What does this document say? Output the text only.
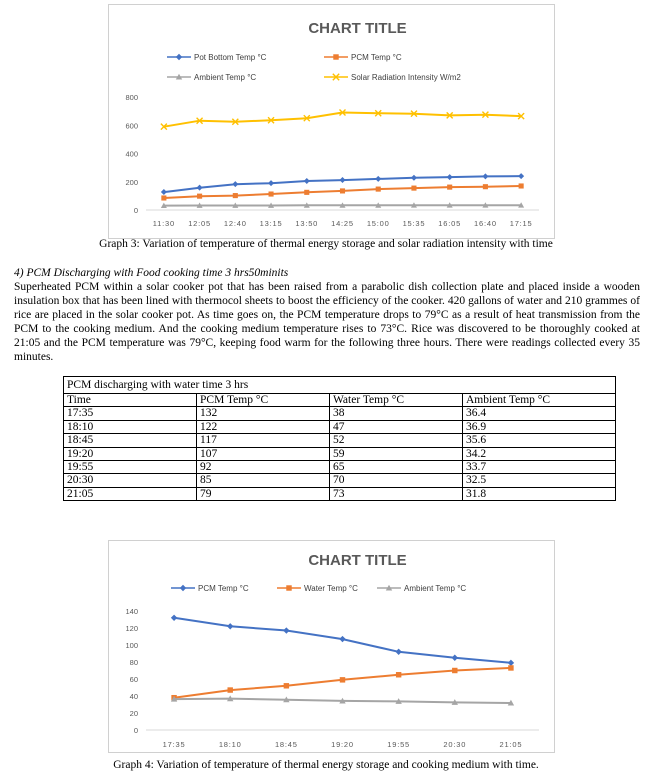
CHART TITLE
Pot Bottom Temp °C	PCM Temp °C
Ambient Temp °C	Solar Radiation Intensity W/m2
0
200
400
600
800
11:30 12:05 12:40 13:15 13:50 14:25 15:00 15:35 16:05 16:40 17:15
Graph 3: Variation of temperature of thermal energy storage and solar radiation intensity with time
4) PCM Discharging with Food cooking time 3 hrs50minits
Superheated PCM within a solar cooker pot that has been raised from a parabolic dish collection plate and placed inside a wooden insulation box that has been lined with thermocol sheets to boost the efficiency of the cooker. 420 gallons of water and 210 grammes of rice are placed in the solar cooker pot. As time goes on, the PCM temperature drops to 79°C as a result of heat transmission from the PCM to the cooking medium. And the cooking medium temperature rises to 73°C. Rice was discovered to be thoroughly cooked at 21:05 and the PCM temperature was 79°C, keeping food warm for the following three hours. There were readings collected every 35 minutes.
PCM discharging with water time 3 hrs			
Time	PCM Temp °C	Water Temp °C	Ambient Temp °C
17:35	132	38	36.4
18:10	122	47	36.9
18:45	117	52	35.6
19:20	107	59	34.2
19:55	92	65	33.7
20:30	85	70	32.5
21:05	79	73	31.8
CHART TITLE
PCM Temp °C	Water Temp °C	Ambient Temp °C
0
20
40
60
80
100
120
140
17:35	18:10	18:45	19:20	19:55	20:30	21:05
Graph 4: Variation of temperature of thermal energy storage and cooking medium with time.
